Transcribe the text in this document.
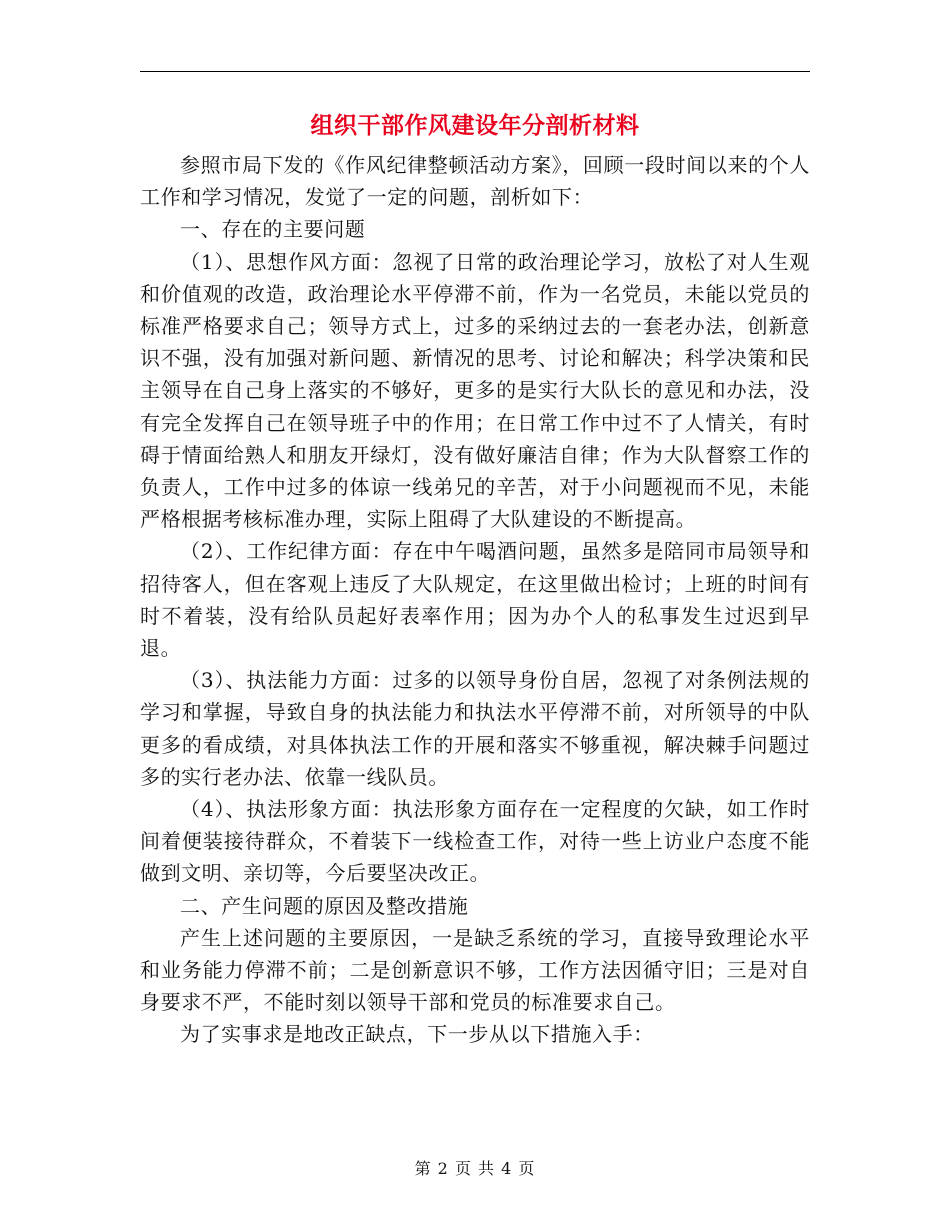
组织干部作风建设年分剖析材料

参照市局下发的《作风纪律整顿活动方案》，回顾一段时间以来的个人工作和学习情况，发觉了一定的问题，剖析如下：

一、存在的主要问题

（1）、思想作风方面：忽视了日常的政治理论学习，放松了对人生观和价值观的改造，政治理论水平停滞不前，作为一名党员，未能以党员的标准严格要求自己；领导方式上，过多的采纳过去的一套老办法，创新意识不强，没有加强对新问题、新情况的思考、讨论和解决；科学决策和民主领导在自己身上落实的不够好，更多的是实行大队长的意见和办法，没有完全发挥自己在领导班子中的作用；在日常工作中过不了人情关，有时碍于情面给熟人和朋友开绿灯，没有做好廉洁自律；作为大队督察工作的负责人，工作中过多的体谅一线弟兄的辛苦，对于小问题视而不见，未能严格根据考核标准办理，实际上阻碍了大队建设的不断提高。

（2）、工作纪律方面：存在中午喝酒问题，虽然多是陪同市局领导和招待客人，但在客观上违反了大队规定，在这里做出检讨；上班的时间有时不着装，没有给队员起好表率作用；因为办个人的私事发生过迟到早退。

（3）、执法能力方面：过多的以领导身份自居，忽视了对条例法规的学习和掌握，导致自身的执法能力和执法水平停滞不前，对所领导的中队更多的看成绩，对具体执法工作的开展和落实不够重视，解决棘手问题过多的实行老办法、依靠一线队员。

（4）、执法形象方面：执法形象方面存在一定程度的欠缺，如工作时间着便装接待群众，不着装下一线检查工作，对待一些上访业户态度不能做到文明、亲切等，今后要坚决改正。

二、产生问题的原因及整改措施

产生上述问题的主要原因，一是缺乏系统的学习，直接导致理论水平和业务能力停滞不前；二是创新意识不够，工作方法因循守旧；三是对自身要求不严，不能时刻以领导干部和党员的标准要求自己。

为了实事求是地改正缺点，下一步从以下措施入手：

第 2 页 共 4 页
